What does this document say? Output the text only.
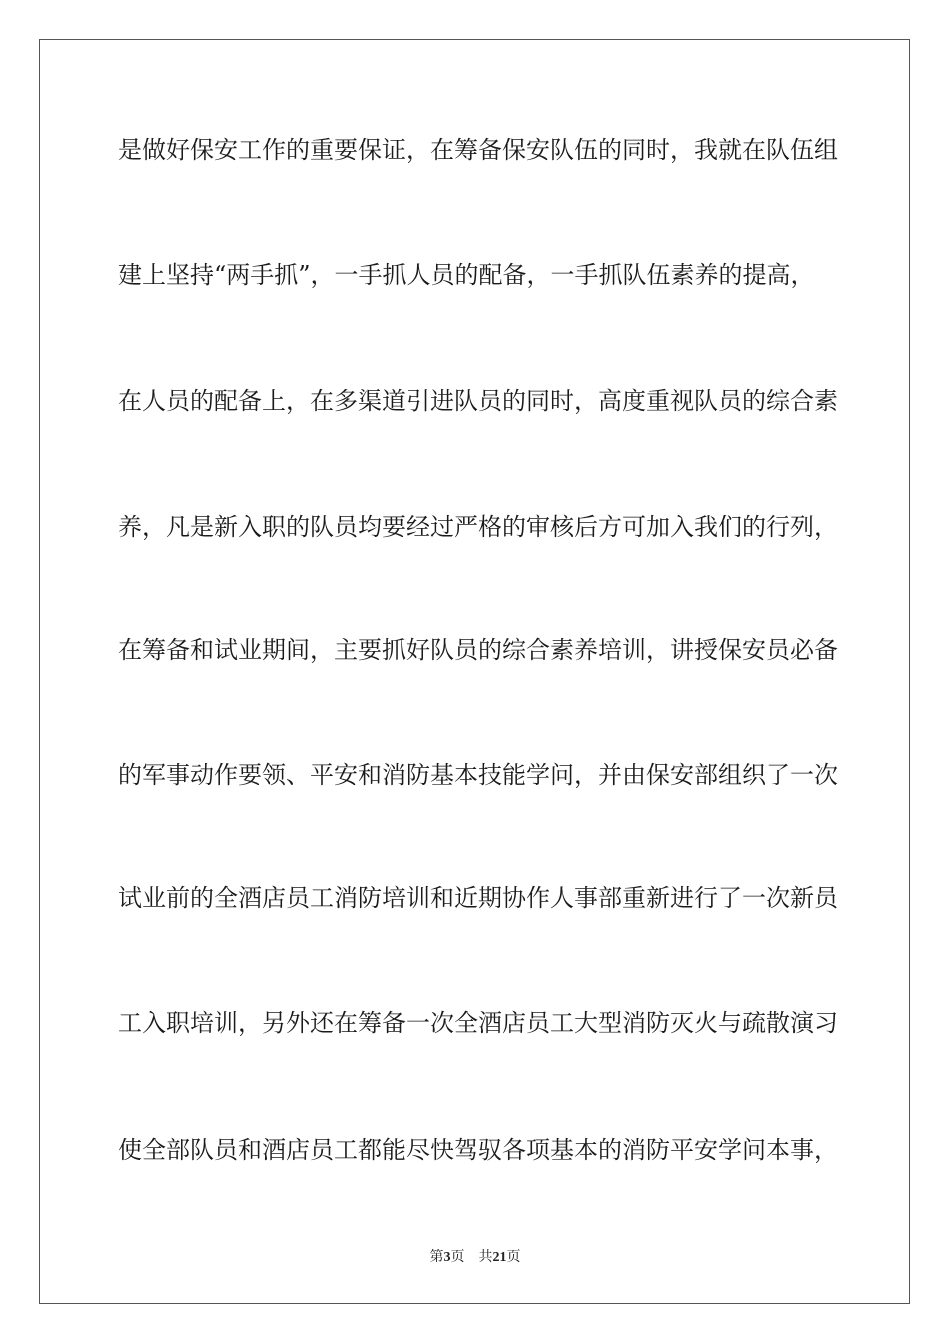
是做好保安工作的重要保证，在筹备保安队伍的同时，我就在队伍组
建上坚持“两手抓”，一手抓人员的配备，一手抓队伍素养的提高，
在人员的配备上，在多渠道引进队员的同时，高度重视队员的综合素
养，凡是新入职的队员均要经过严格的审核后方可加入我们的行列，
在筹备和试业期间，主要抓好队员的综合素养培训，讲授保安员必备
的军事动作要领、平安和消防基本技能学问，并由保安部组织了一次
试业前的全酒店员工消防培训和近期协作人事部重新进行了一次新员
工入职培训，另外还在筹备一次全酒店员工大型消防灭火与疏散演习
使全部队员和酒店员工都能尽快驾驭各项基本的消防平安学问本事，
第3页 共21页
